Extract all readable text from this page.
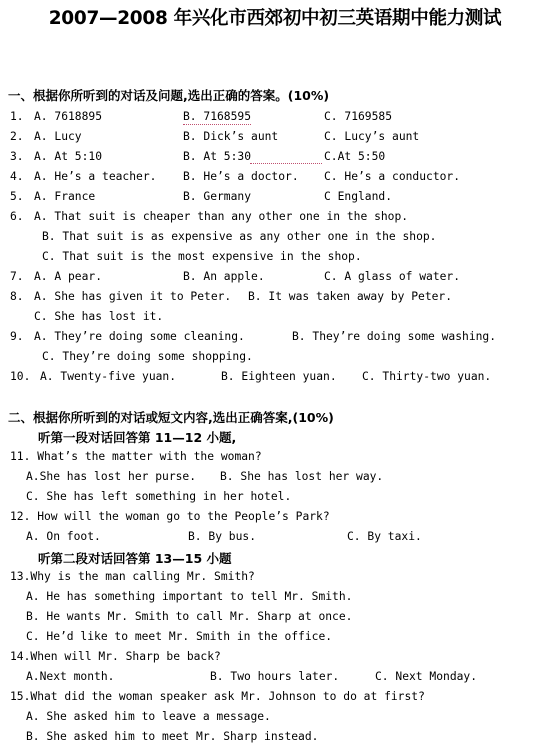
2007—2008 年兴化市西郊初中初三英语期中能力测试
一、根据你所听到的对话及问题,选出正确的答案。(10%)
1. A. 7618895	B. 7168595	C. 7169585
2. A. Lucy	B. Dick’s aunt	C. Lucy’s aunt
3. A. At 5:10	B. At 5:30	C.At 5:50
4. A. He’s a teacher. B. He’s a doctor. C. He’s a conductor.
5. A. France	B. Germany	C England.
6. A. That suit is cheaper than any other one in the shop.
B. That suit is as expensive as any other one in the shop.
C. That suit is the most expensive in the shop.
7. A. A pear.	B. An apple.	C. A glass of water.
8. A. She has given it to Peter. B. It was taken away by Peter.
C. She has lost it.
9. A. They’re doing some cleaning.	B. They’re doing some washing.
C. They’re doing some shopping.
10. A. Twenty-five yuan.	B. Eighteen yuan. C. Thirty-two yuan.
二、根据你所听到的对话或短文内容,选出正确答案,(10%)
听第一段对话回答第 11—12 小题,
11. What’s the matter with the woman?
A.She has lost her purse. B. She has lost her way.
C. She has left something in her hotel.
12. How will the woman go to the People’s Park?
A. On foot.	B. By bus.	C. By taxi.
听第二段对话回答第 13—15 小题
13.Why is the man calling Mr. Smith?
A. He has something important to tell Mr. Smith.
B. He wants Mr. Smith to call Mr. Sharp at once.
C. He’d like to meet Mr. Smith in the office.
14.When will Mr. Sharp be back?
A.Next month.	B. Two hours later.	C. Next Monday.
15.What did the woman speaker ask Mr. Johnson to do at first?
A. She asked him to leave a message.
B. She asked him to meet Mr. Sharp instead.
